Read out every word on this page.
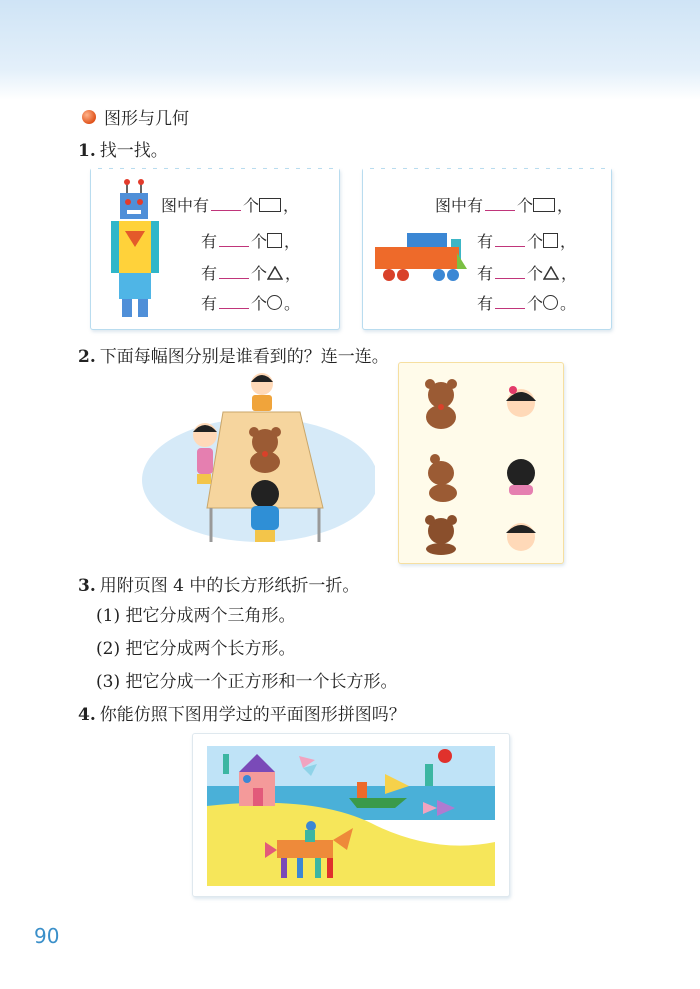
图形与几何
1. 找一找。
图中有 个 ，
有 个 ，
有 个 ，
有 个 。
图中有 个 ，
有 个 ，
有 个 ，
有 个 。
2. 下面每幅图分别是谁看到的？连一连。
3. 用附页图 4 中的长方形纸折一折。
(1) 把它分成两个三角形。
(2) 把它分成两个长方形。
(3) 把它分成一个正方形和一个长方形。
4. 你能仿照下图用学过的平面图形拼图吗？
90
